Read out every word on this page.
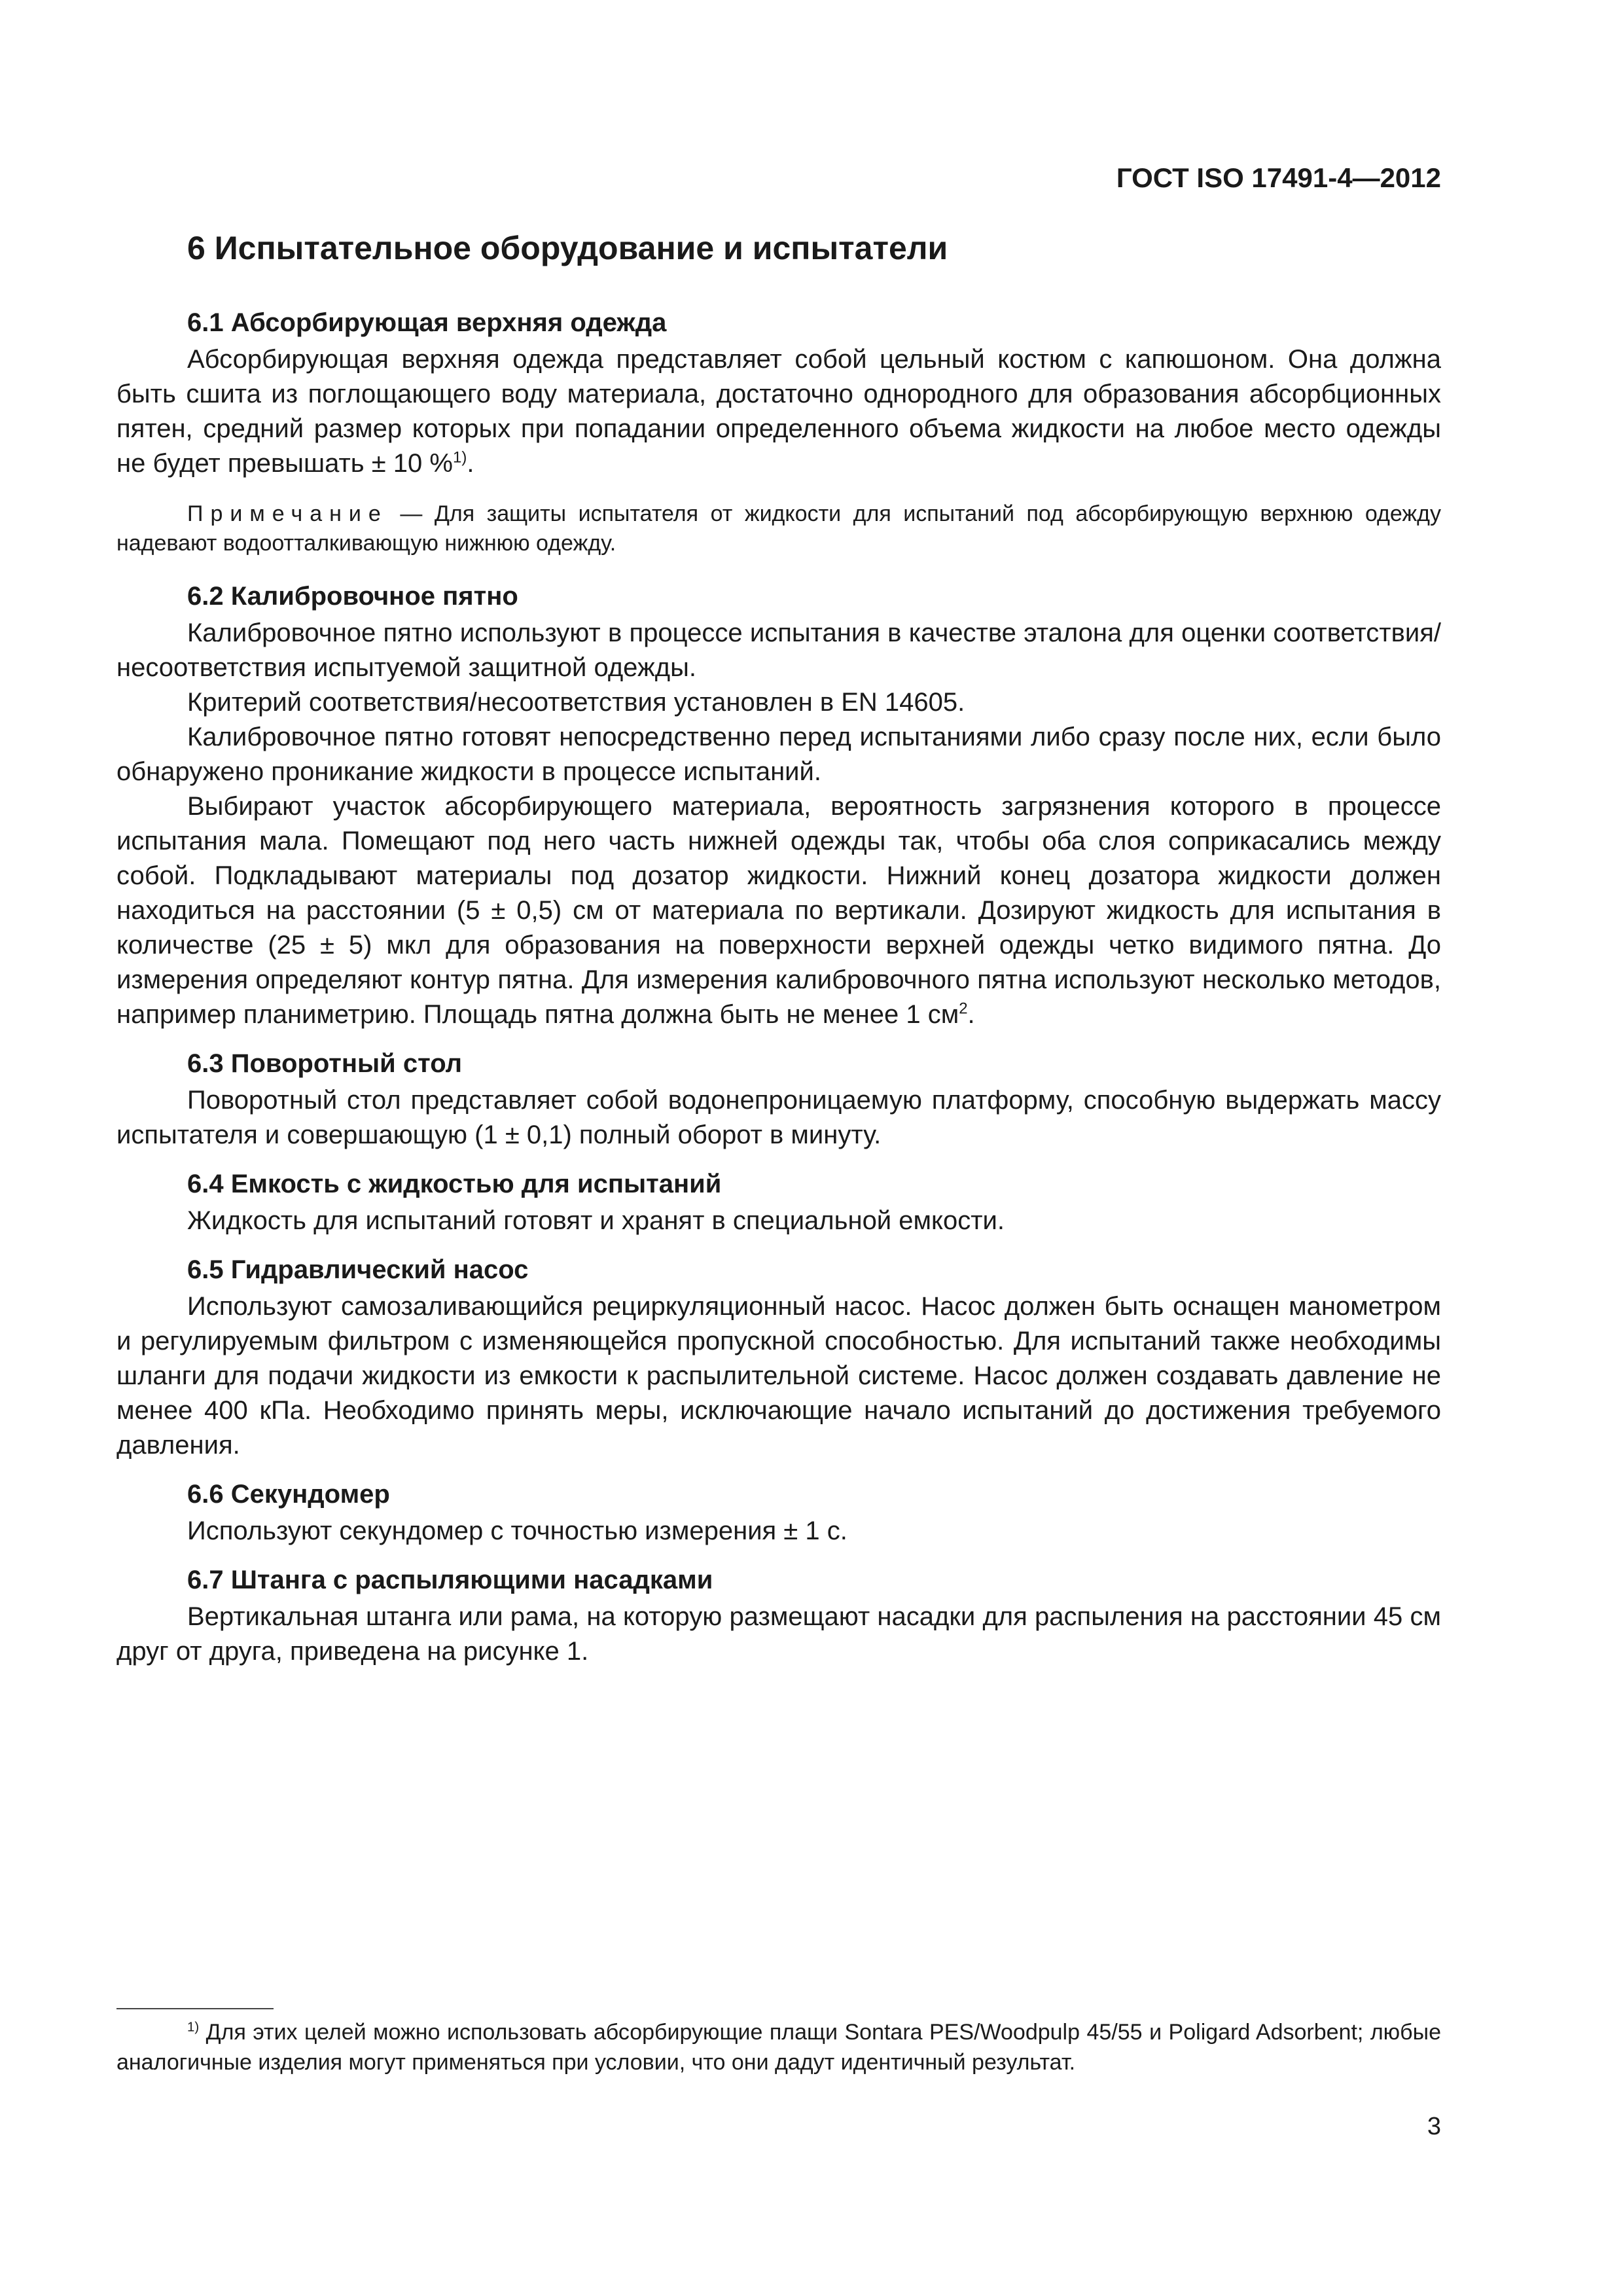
ГОСТ ISO 17491-4—2012
6 Испытательное оборудование и испытатели
6.1 Абсорбирующая верхняя одежда

Абсорбирующая верхняя одежда представляет собой цельный костюм с капюшоном. Она должна быть сшита из поглощающего воду материала, достаточно однородного для образования абсорбционных пятен, средний размер которых при попадании определенного объема жидкости на любое место одежды не будет превышать ± 10 %$^{1)}$.

Примечание — Для защиты испытателя от жидкости для испытаний под абсорбирующую верхнюю одежду надевают водоотталкивающую нижнюю одежду.

6.2 Калибровочное пятно

Калибровочное пятно используют в процессе испытания в качестве эталона для оценки соответствия/несоответствия испытуемой защитной одежды.

Критерий соответствия/несоответствия установлен в EN 14605.

Калибровочное пятно готовят непосредственно перед испытаниями либо сразу после них, если было обнаружено проникание жидкости в процессе испытаний.

Выбирают участок абсорбирующего материала, вероятность загрязнения которого в процессе испытания мала. Помещают под него часть нижней одежды так, чтобы оба слоя соприкасались между собой. Подкладывают материалы под дозатор жидкости. Нижний конец дозатора жидкости должен находиться на расстоянии (5 ± 0,5) см от материала по вертикали. Дозируют жидкость для испытания в количестве (25 ± 5) мкл для образования на поверхности верхней одежды четко видимого пятна. До измерения определяют контур пятна. Для измерения калибровочного пятна используют несколько методов, например планиметрию. Площадь пятна должна быть не менее 1 $см^2$.

6.3 Поворотный стол

Поворотный стол представляет собой водонепроницаемую платформу, способную выдержать массу испытателя и совершающую (1 ± 0,1) полный оборот в минуту.

6.4 Емкость с жидкостью для испытаний

Жидкость для испытаний готовят и хранят в специальной емкости.

6.5 Гидравлический насос

Используют самозаливающийся рециркуляционный насос. Насос должен быть оснащен манометром и регулируемым фильтром с изменяющейся пропускной способностью. Для испытаний также необходимы шланги для подачи жидкости из емкости к распылительной системе. Насос должен создавать давление не менее 400 кПа. Необходимо принять меры, исключающие начало испытаний до достижения требуемого давления.

6.6 Секундомер

Используют секундомер с точностью измерения ± 1 с.

6.7 Штанга с распыляющими насадками

Вертикальная штанга или рама, на которую размещают насадки для распыления на расстоянии 45 см друг от друга, приведена на рисунке 1.

$^{1)}$ Для этих целей можно использовать абсорбирующие плащи Sontara PES/Woodpulp 45/55 и Poligard Adsorbent; любые аналогичные изделия могут применяться при условии, что они дадут идентичный результат.
3
